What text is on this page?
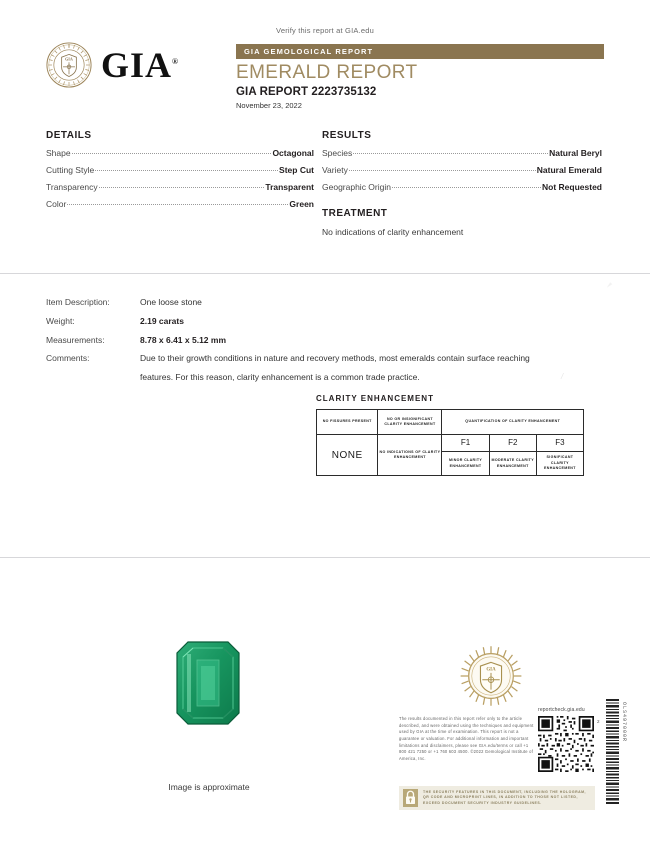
Verify this report at GIA.edu
GIA GIA®
GIA GEMOLOGICAL REPORT
EMERALD REPORT
GIA REPORT 2223735132
November 23, 2022
DETAILS
Shape	Octagonal
Cutting Style	Step Cut
Transparency	Transparent
Color	Green
RESULTS
Species	Natural Beryl
Variety	Natural Emerald
Geographic Origin	Not Requested
TREATMENT
No indications of clarity enhancement
Item Description:	One loose stone
Weight:	2.19 carats
Measurements:	8.78 x 6.41 x 5.12 mm
Comments:	Due to their growth conditions in nature and recovery methods, most emeralds contain surface reaching
features. For this reason, clarity enhancement is a common trade practice.	/
CLARITY ENHANCEMENT
NO FISSURES PRESENT	NO OR INSIGNIFICANT CLARITY ENHANCEMENT	QUANTIFICATION OF CLARITY ENHANCEMENT		
NONE	NO INDICATIONS OF CLARITY ENHANCEMENT	F1	F2	F3
		MINOR CLARITY ENHANCEMENT	MODERATE CLARITY ENHANCEMENT	SIGNIFICANT CLARITY ENHANCEMENT
Image is approximate
GIA
The results documented in this report refer only to the article described, and were obtained using the techniques and equipment used by GIA at the time of examination. This report is not a guarantee or valuation. For additional information and important limitations and disclaimers, please see GIA.edu/terms or call +1 800 421 7250 or +1 760 603 4500. ©2022 Gemological Institute of America, Inc.
reportcheck.gia.edu
2
THE SECURITY FEATURES IN THIS DOCUMENT, INCLUDING THE HOLOGRAM, QR CODE AND MICROPRINT LINES, IN ADDITION TO THOSE NOT LISTED, EXCEED DOCUMENT SECURITY INDUSTRY GUIDELINES.
OLS497000R
